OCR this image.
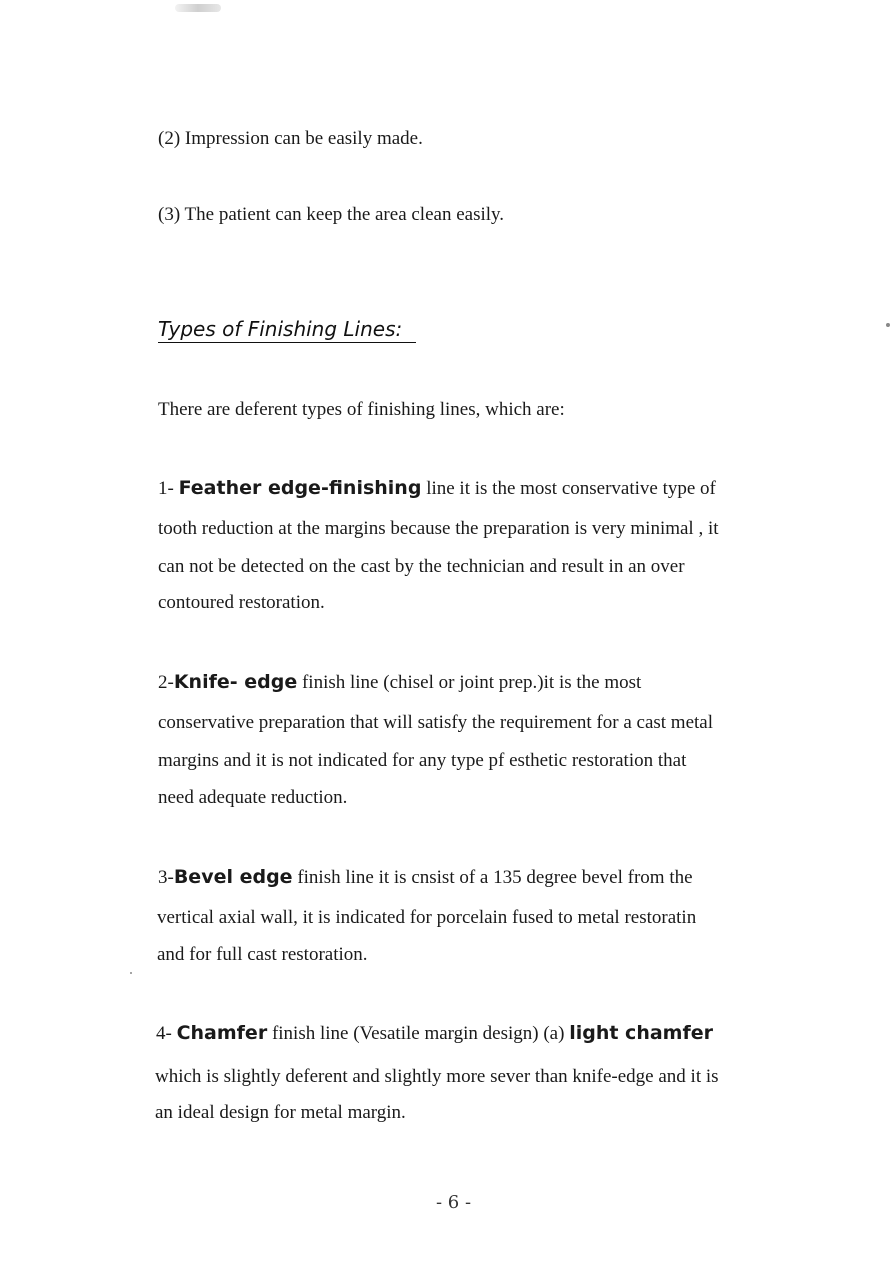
(2) Impression can be easily made.
(3) The patient can keep the area clean easily.
Types of Finishing Lines:
There are deferent types of finishing lines, which are:
1- Feather edge-finishing line it is the most conservative type of
tooth reduction at the margins because the preparation is very minimal , it
can not be detected on the cast by the technician and result in an over
contoured restoration.
2-Knife- edge finish line (chisel or joint prep.)it is the most
conservative preparation that will satisfy the requirement for a cast metal
margins and it is not indicated for any type pf esthetic restoration that
need adequate reduction.
3-Bevel edge finish line it is cnsist of a 135 degree bevel from the
vertical axial wall, it is indicated for porcelain fused to metal restoratin
and for full cast restoration.
4- Chamfer finish line (Vesatile margin design) (a) light chamfer
which is slightly deferent and slightly more sever than knife-edge and it is
an ideal design for metal margin.
- 6 -
